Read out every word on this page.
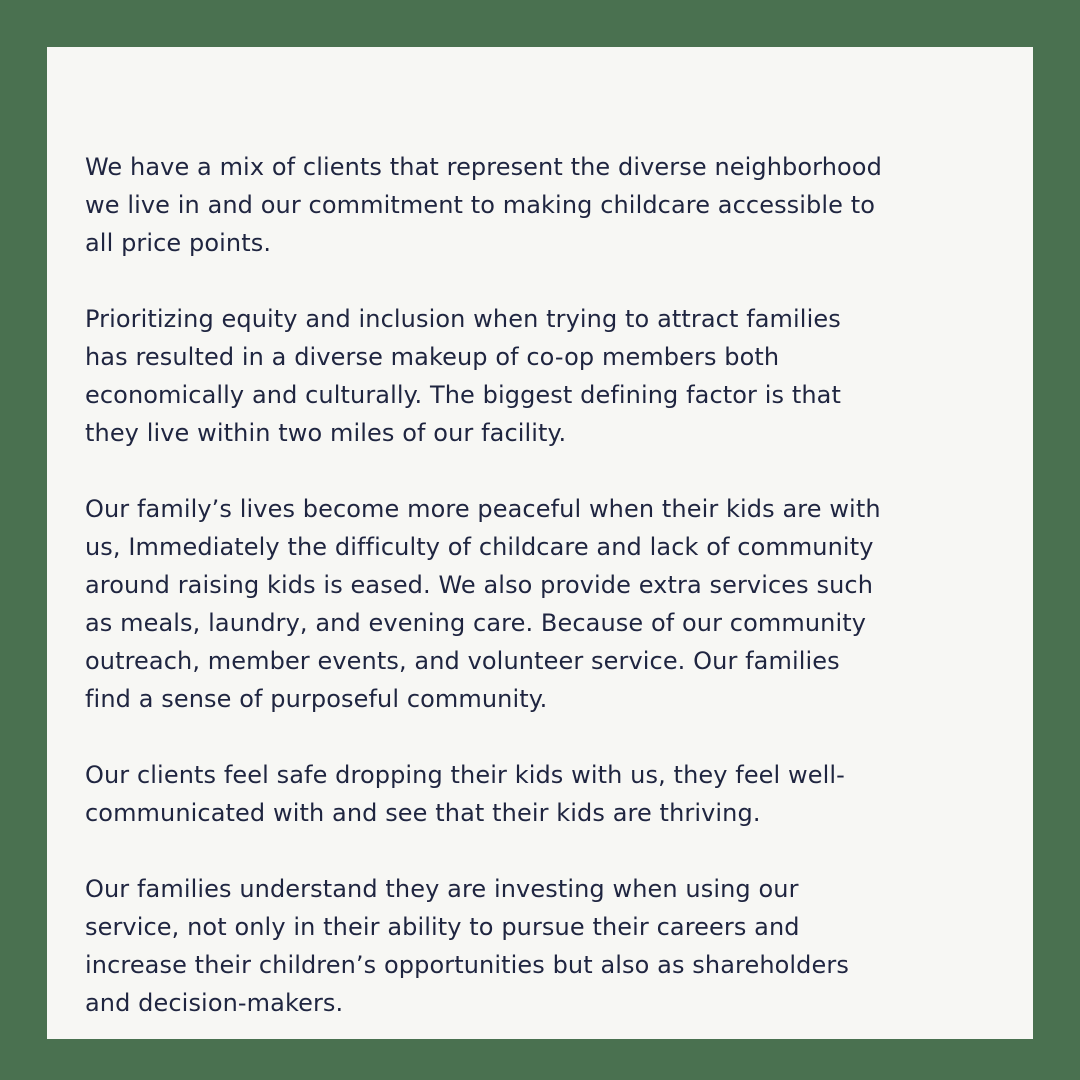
We have a mix of clients that represent the diverse neighborhood
we live in and our commitment to making childcare accessible to
all price points.

Prioritizing equity and inclusion when trying to attract families
has resulted in a diverse makeup of co-op members both
economically and culturally. The biggest defining factor is that
they live within two miles of our facility.

Our family’s lives become more peaceful when their kids are with
us, Immediately the difficulty of childcare and lack of community
around raising kids is eased. We also provide extra services such
as meals, laundry, and evening care. Because of our community
outreach, member events, and volunteer service. Our families
find a sense of purposeful community.

Our clients feel safe dropping their kids with us, they feel well-
communicated with and see that their kids are thriving.

Our families understand they are investing when using our
service, not only in their ability to pursue their careers and
increase their children’s opportunities but also as shareholders
and decision-makers.
